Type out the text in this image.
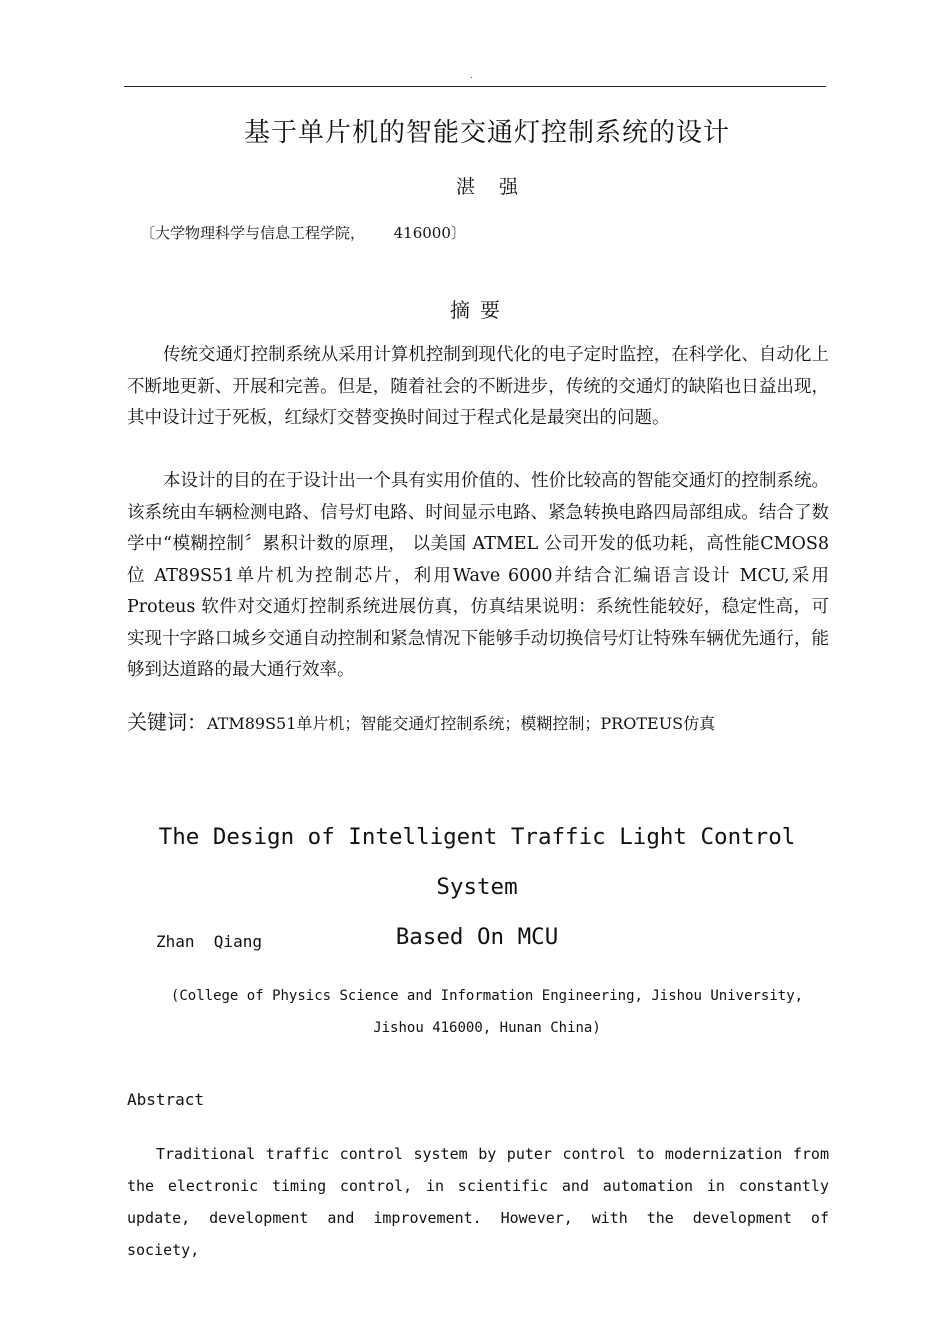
.
基于单片机的智能交通灯控制系统的设计
湛强
〔大学物理科学与信息工程学院，      416000〕
摘要
传统交通灯控制系统从采用计算机控制到现代化的电子定时监控，在科学化、自动化上不断地更新、开展和完善。但是，随着社会的不断进步，传统的交通灯的缺陷也日益出现，其中设计过于死板，红绿灯交替变换时间过于程式化是最突出的问题。
本设计的目的在于设计出一个具有实用价值的、性价比较高的智能交通灯的控制系统。该系统由车辆检测电路、信号灯电路、时间显示电路、紧急转换电路四局部组成。结合了数学中“模糊控制〞累积计数的原理， 以美国 ATMEL 公司开发的低功耗，高性能CMOS8位 AT89S51单片机为控制芯片，利用Wave 6000并结合汇编语言设计 MCU,采用 Proteus 软件对交通灯控制系统进展仿真，仿真结果说明：系统性能较好，稳定性高，可实现十字路口城乡交通自动控制和紧急情况下能够手动切换信号灯让特殊车辆优先通行，能够到达道路的最大通行效率。
关键词：ATM89S51单片机；智能交通灯控制系统；模糊控制；PROTEUS仿真
The Design of Intelligent Traffic Light Control System
Based On MCU
Zhan  Qiang
(College of Physics Science and Information Engineering, Jishou University,
Jishou 416000, Hunan China)
Abstract
Traditional traffic control system by puter control to modernization from the electronic timing control, in scientific and automation in constantly update, development and improvement. However, with the development of society,
